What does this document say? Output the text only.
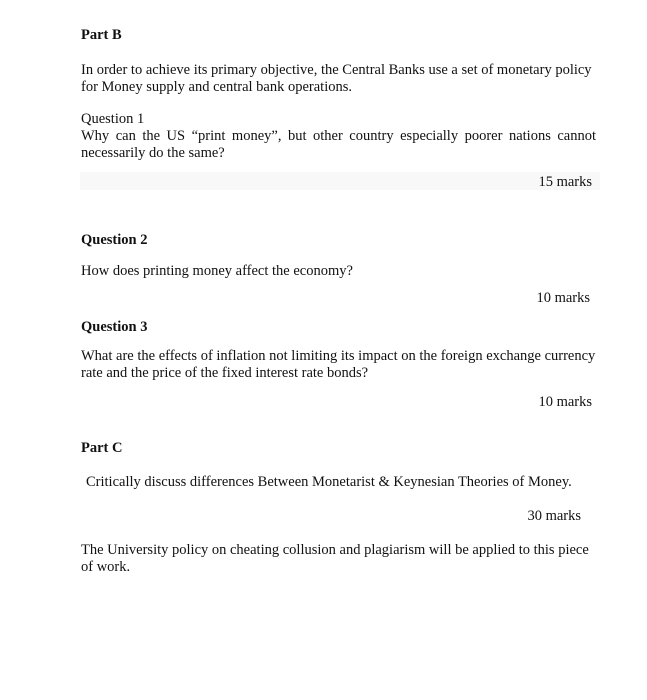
Part B

In order to achieve its primary objective, the Central Banks use a set of monetary policy for Money supply and central bank operations.

Question 1

Why can the US “print money”, but other country especially poorer nations cannot necessarily do the same?

15 marks

Question 2

How does printing money affect the economy?

10 marks

Question 3

What are the effects of inflation not limiting its impact on the foreign exchange currency rate and the price of the fixed interest rate bonds?

10 marks

Part C

Critically discuss differences Between Monetarist & Keynesian Theories of Money.

30 marks

The University policy on cheating collusion and plagiarism will be applied to this piece of work.
